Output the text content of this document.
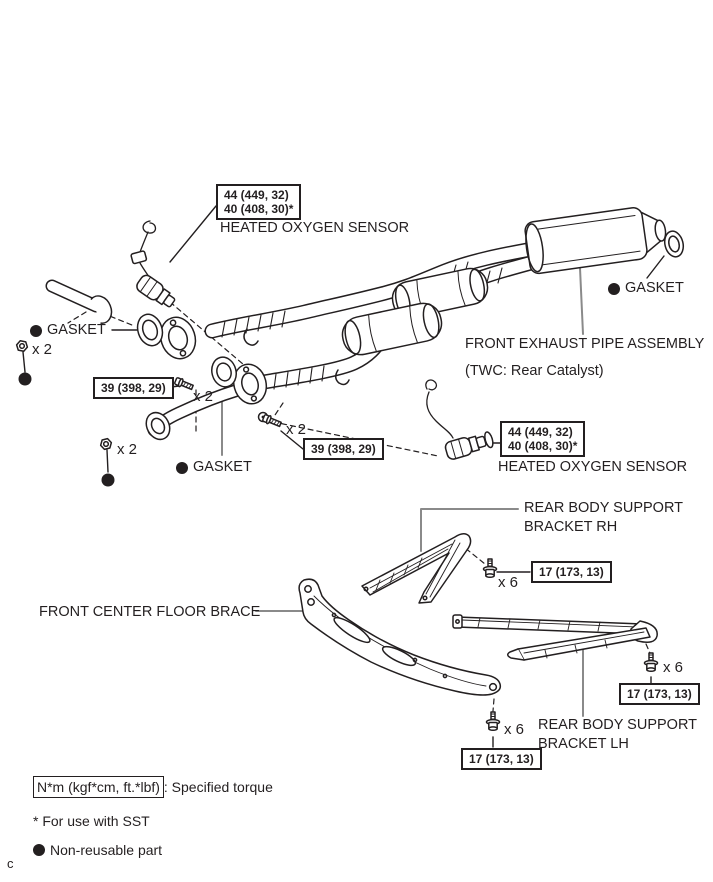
44 (449, 32)
40 (408, 30)*
HEATED OXYGEN SENSOR
GASKET
x 2
39 (398, 29) x 2
x 2
39 (398, 29)
x 2
GASKET
GASKET
FRONT EXHAUST PIPE ASSEMBLY
(TWC: Rear Catalyst)
44 (449, 32)
40 (408, 30)*
HEATED OXYGEN SENSOR
REAR BODY SUPPORT
BRACKET RH
17 (173, 13)
x 6
FRONT CENTER FLOOR BRACE
x 6
17 (173, 13)
x 6
17 (173, 13)
REAR BODY SUPPORT
BRACKET LH
N*m (kgf*cm, ft.*lbf) : Specified torque
* For use with SST
Non-reusable part
c
